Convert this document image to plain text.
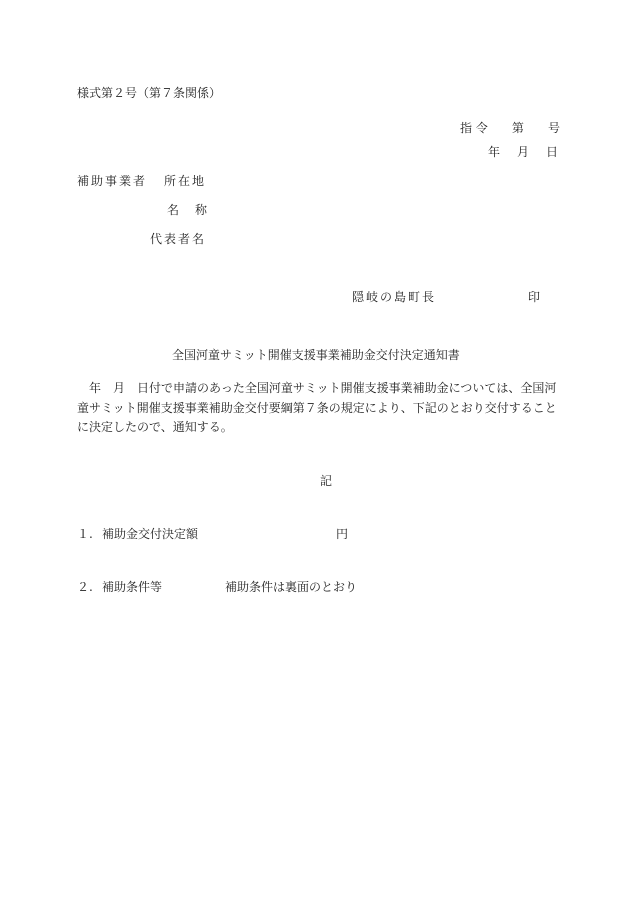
様式第２号（第７条関係）
指 令 第 号
年 月 日
補助事業者 所在地
名 称
代表者名
隠岐の島町長	印
全国河童サミット開催支援事業補助金交付決定通知書
年　月　日付で申請のあった全国河童サミット開催支援事業補助金については、全国河童サミット開催支援事業補助金交付要綱第７条の規定により、下記のとおり交付することに決定したので、通知する。
記
１. 補助金交付決定額	円
２. 補助条件等	補助条件は裏面のとおり
